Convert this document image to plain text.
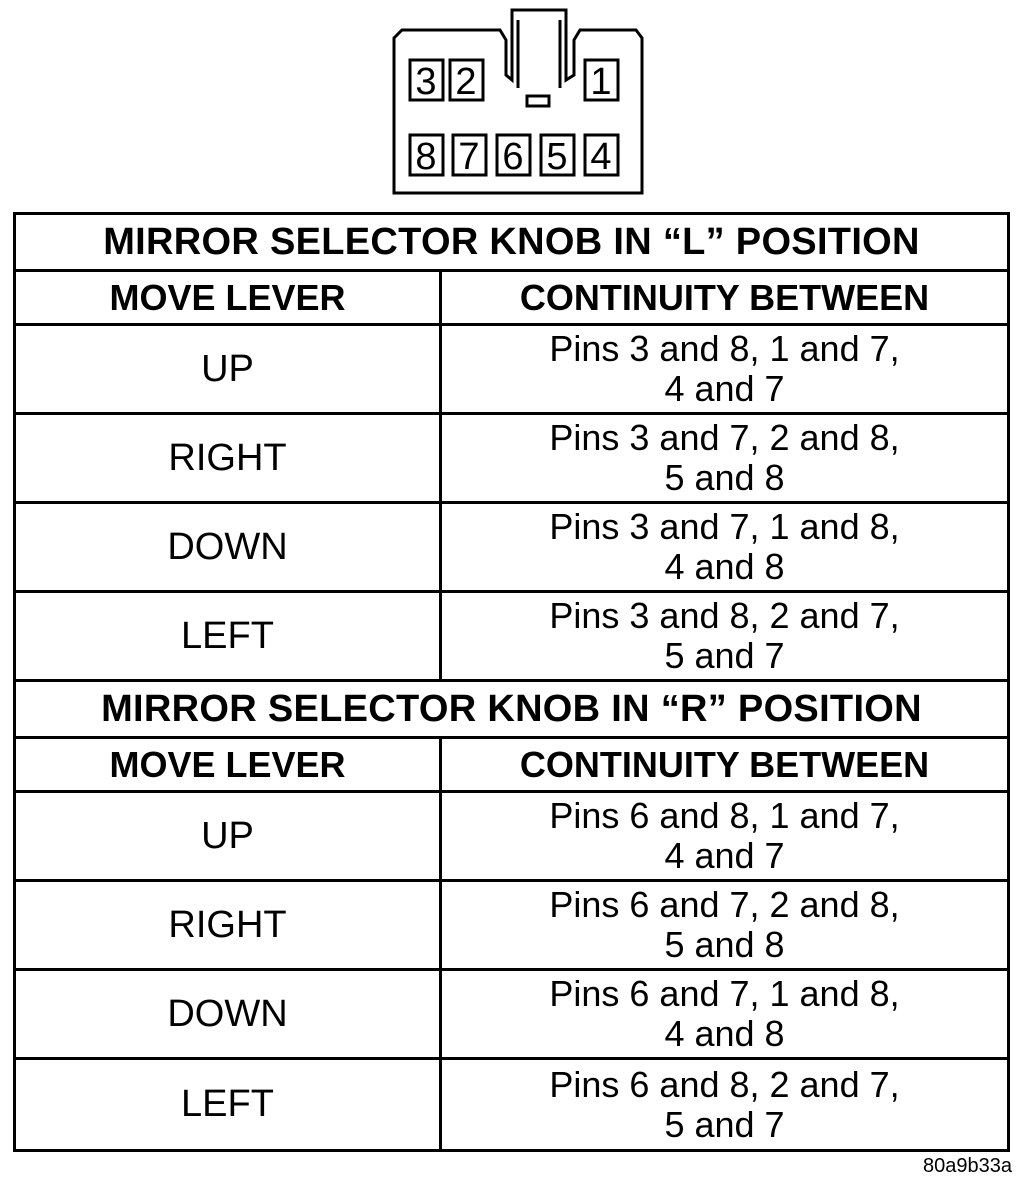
3 2	1
8 7 6 5 4
MIRROR SELECTOR KNOB IN “L” POSITION
MOVE LEVER	CONTINUITY BETWEEN
UP	Pins 3 and 8, 1 and 7,
4 and 7
RIGHT	Pins 3 and 7, 2 and 8,
5 and 8
DOWN	Pins 3 and 7, 1 and 8,
4 and 8
LEFT	Pins 3 and 8, 2 and 7,
5 and 7
MIRROR SELECTOR KNOB IN “R” POSITION
MOVE LEVER	CONTINUITY BETWEEN
UP	Pins 6 and 8, 1 and 7,
4 and 7
RIGHT	Pins 6 and 7, 2 and 8,
5 and 8
DOWN	Pins 6 and 7, 1 and 8,
4 and 8
LEFT	Pins 6 and 8, 2 and 7,
5 and 7
80a9b33a
